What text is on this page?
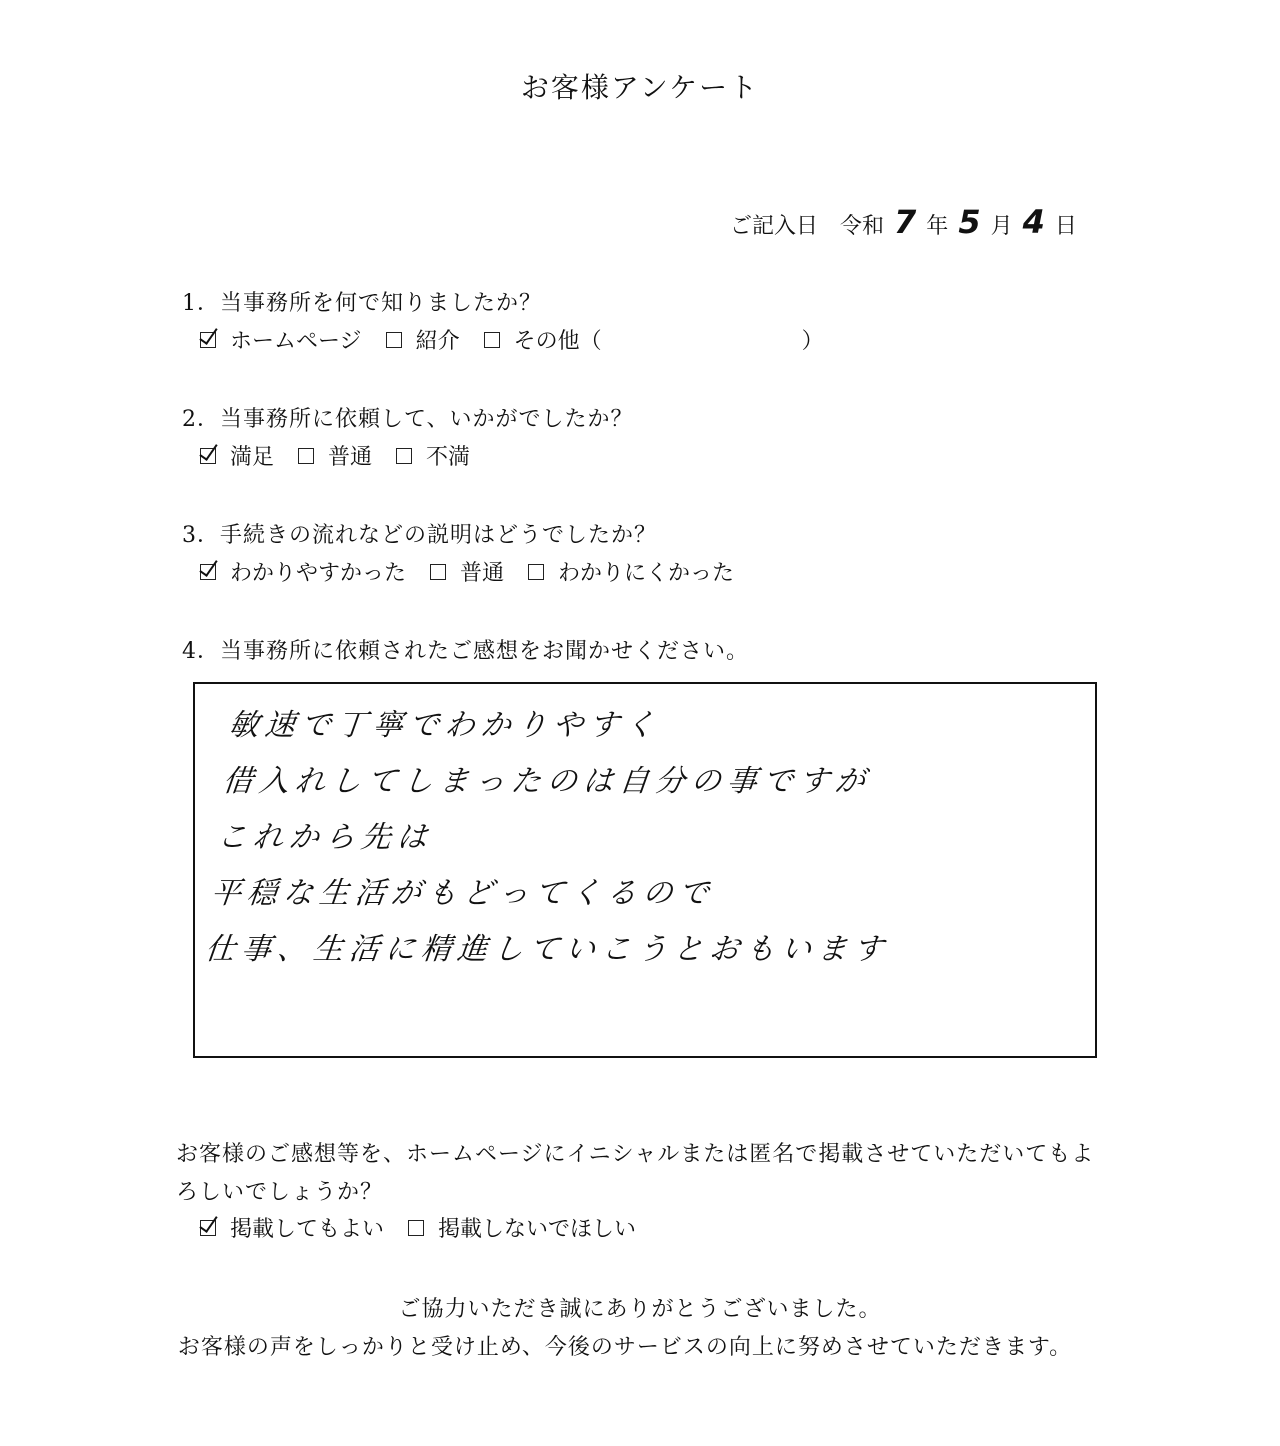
お客様アンケート
ご記入日 令和 7 年 5 月 4 日
1．当事務所を何で知りましたか？
ホームページ 紹介 その他（	）
2．当事務所に依頼して、いかがでしたか？
満足 普通 不満
3．手続きの流れなどの説明はどうでしたか？
わかりやすかった 普通 わかりにくかった
4．当事務所に依頼されたご感想をお聞かせください。
敏速で丁寧でわかりやすく
借入れしてしまったのは自分の事ですが
これから先は
平穏な生活がもどってくるので
仕事、生活に精進していこうとおもいます
お客様のご感想等を、ホームページにイニシャルまたは匿名で掲載させていただいてもよ
ろしいでしょうか？
掲載してもよい 掲載しないでほしい
ご協力いただき誠にありがとうございました。
お客様の声をしっかりと受け止め、今後のサービスの向上に努めさせていただきます。
